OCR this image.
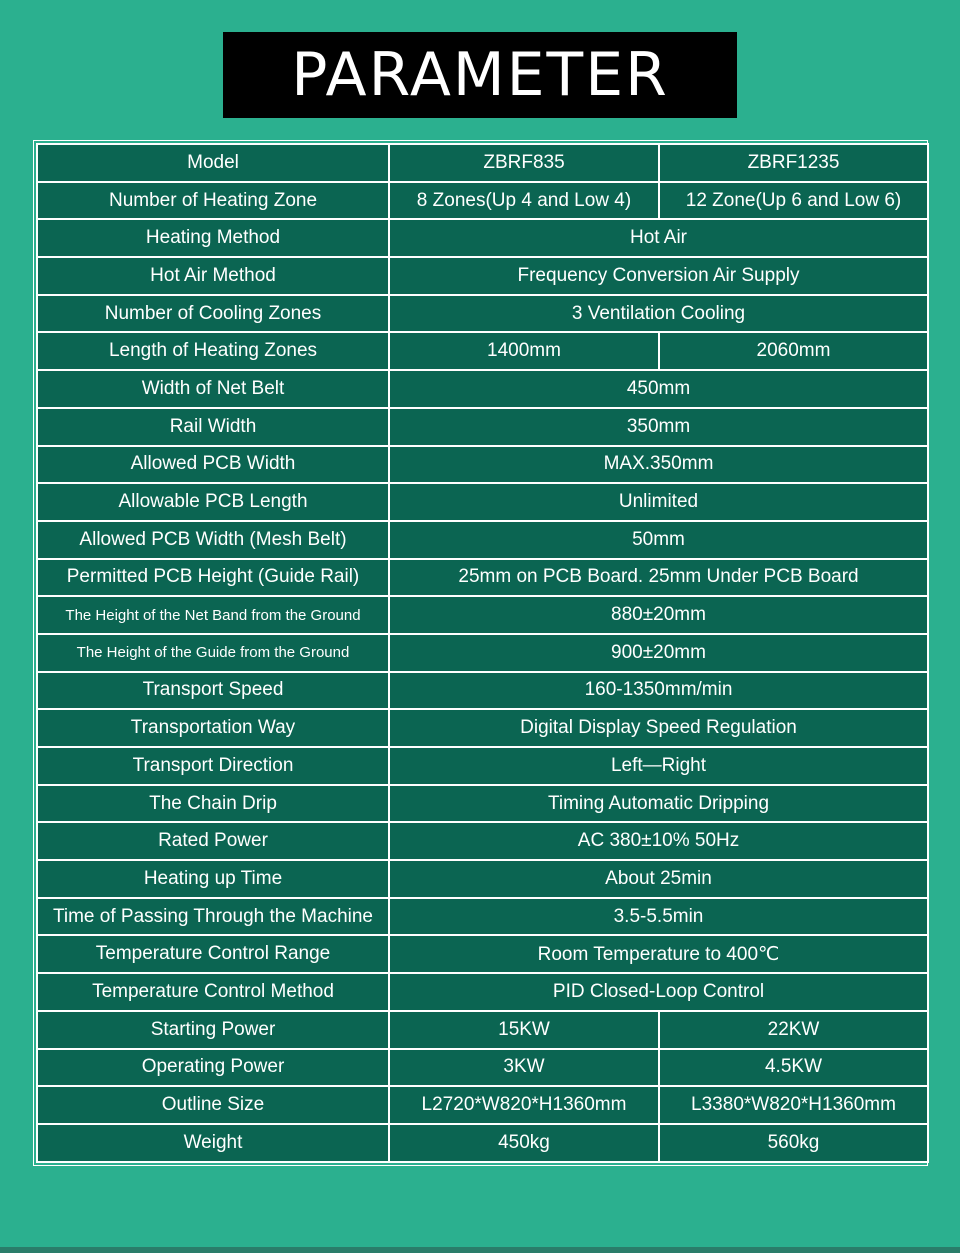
PARAMETER
Model	ZBRF835	ZBRF1235
Number of Heating Zone	8 Zones(Up 4 and Low 4)	12 Zone(Up 6 and Low 6)
Heating Method	Hot Air	
Hot Air Method	Frequency Conversion Air Supply	
Number of Cooling Zones	3 Ventilation Cooling	
Length of Heating Zones	1400mm	2060mm
Width of Net Belt	450mm	
Rail Width	350mm	
Allowed PCB Width	MAX.350mm	
Allowable PCB Length	Unlimited	
Allowed PCB Width (Mesh Belt)	50mm	
Permitted PCB Height (Guide Rail)	25mm on PCB Board. 25mm Under PCB Board	
The Height of the Net Band from the Ground	880±20mm	
The Height of the Guide from the Ground	900±20mm	
Transport Speed	160-1350mm/min	
Transportation Way	Digital Display Speed Regulation	
Transport Direction	Left—Right	
The Chain Drip	Timing Automatic Dripping	
Rated Power	AC 380±10% 50Hz	
Heating up Time	About 25min	
Time of Passing Through the Machine	3.5-5.5min	
Temperature Control Range	Room Temperature to 400℃	
Temperature Control Method	PID Closed-Loop Control	
Starting Power	15KW	22KW
Operating Power	3KW	4.5KW
Outline Size	L2720*W820*H1360mm	L3380*W820*H1360mm
Weight	450kg	560kg
